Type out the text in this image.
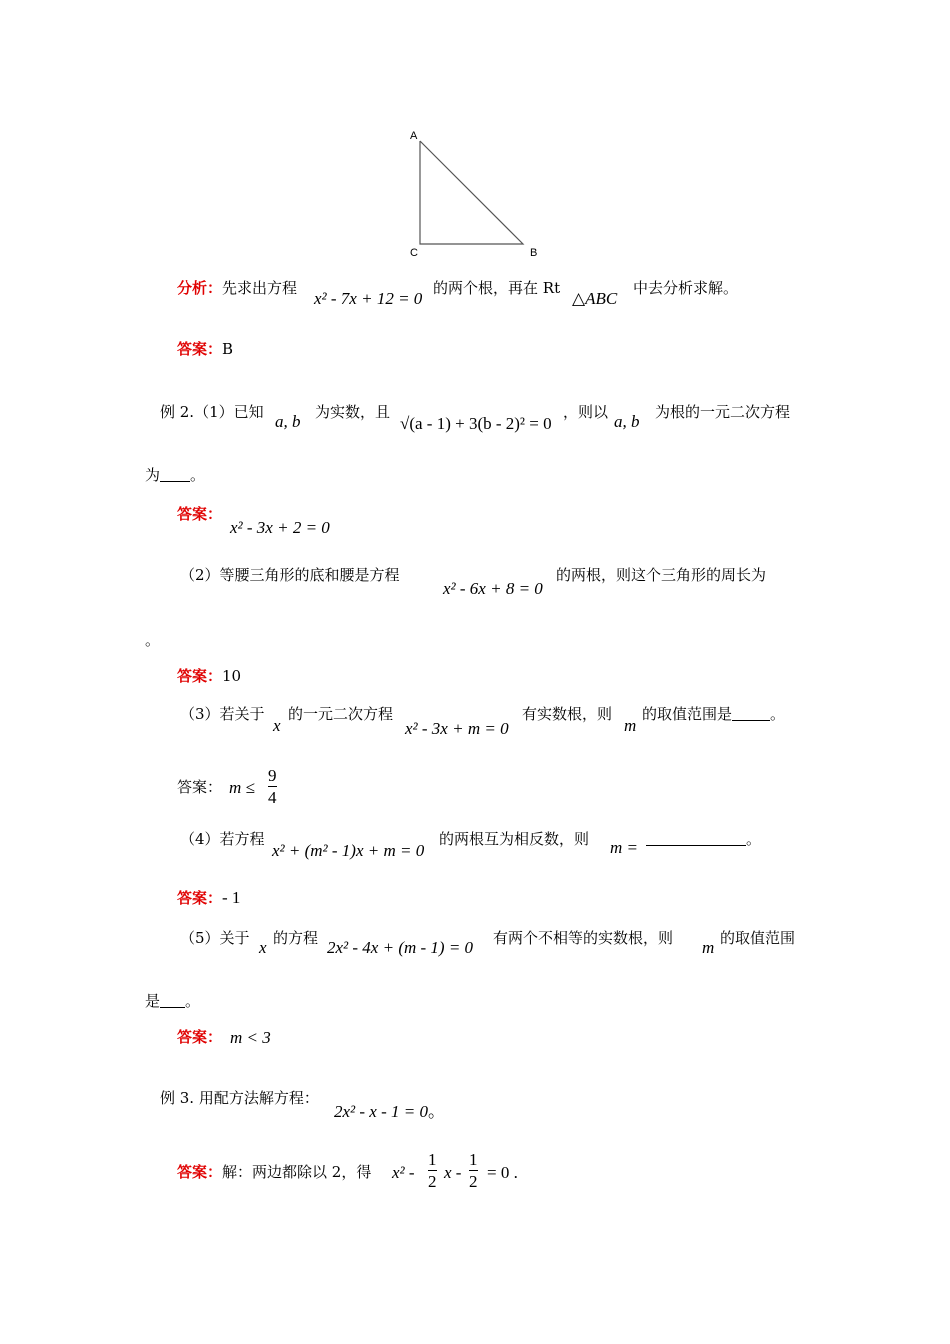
A
C	B
分析：先求出方程
x² - 7x + 12 = 0
的两个根，再在 Rt
△ABC
中去分析求解。
答案：B
例 2.（1）已知 a, b 为实数，且
√(a - 1) + 3(b - 2)² = 0
，则以 a, b 为根的一元二次方程
为 。
答案：
x² - 3x + 2 = 0
（2）等腰三角形的底和腰是方程
x² - 6x + 8 = 0
的两根，则这个三角形的周长为
。
答案：10
（3）若关于
x
的一元二次方程
x² - 3x + m = 0
有实数根，则
m
的取值范围是	。
答案： $m \le \frac{9}{4}$
（4）若方程
x² + (m² - 1)x + m = 0
的两根互为相反数，则 m =	。
答案：- 1
（5）关于 x 的方程 2x² - 4x + (m - 1) = 0 有两个不相等的实数根，则 m 的取值范围
是 。
答案： m < 3
例 3. 用配方法解方程：
2x² - x - 1 = 0。
答案：解：两边都除以 2，得 $x^2 - \frac{1}{2}$ $x - \frac{1}{2} = 0$ .
